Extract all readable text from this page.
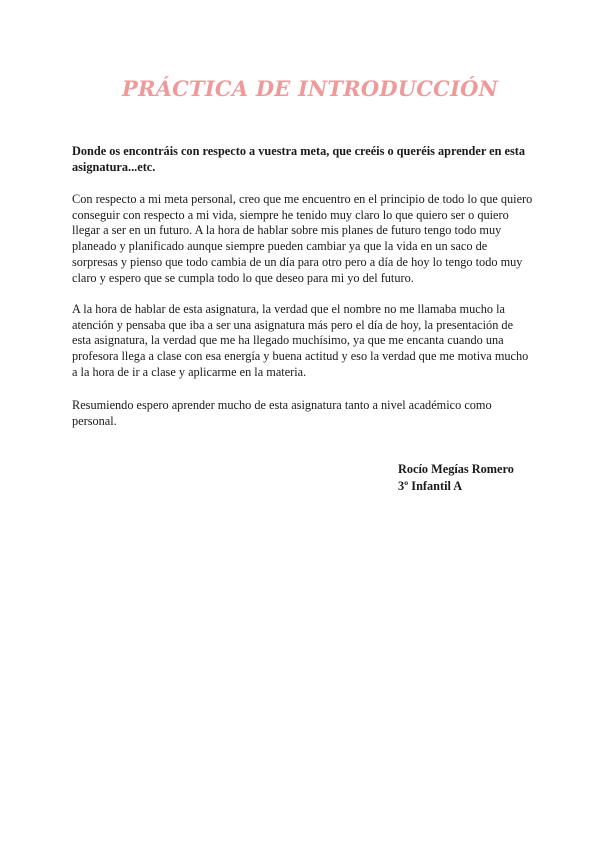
PRÁCTICA DE INTRODUCCIÓN

Donde os encontráis con respecto a vuestra meta, que creéis o queréis aprender en esta
asignatura...etc.

Con respecto a mi meta personal, creo que me encuentro en el principio de todo lo que quiero
conseguir con respecto a mi vida, siempre he tenido muy claro lo que quiero ser o quiero
llegar a ser en un futuro. A la hora de hablar sobre mis planes de futuro tengo todo muy
planeado y planificado aunque siempre pueden cambiar ya que la vida en un saco de
sorpresas y pienso que todo cambia de un día para otro pero a día de hoy lo tengo todo muy
claro y espero que se cumpla todo lo que deseo para mi yo del futuro.

A la hora de hablar de esta asignatura, la verdad que el nombre no me llamaba mucho la
atención y pensaba que iba a ser una asignatura más pero el día de hoy, la presentación de
esta asignatura, la verdad que me ha llegado muchísimo, ya que me encanta cuando una
profesora llega a clase con esa energía y buena actitud y eso la verdad que me motiva mucho
a la hora de ir a clase y aplicarme en la materia.

Resumiendo espero aprender mucho de esta asignatura tanto a nivel académico como
personal.

Rocío Megías Romero
3º Infantil A
